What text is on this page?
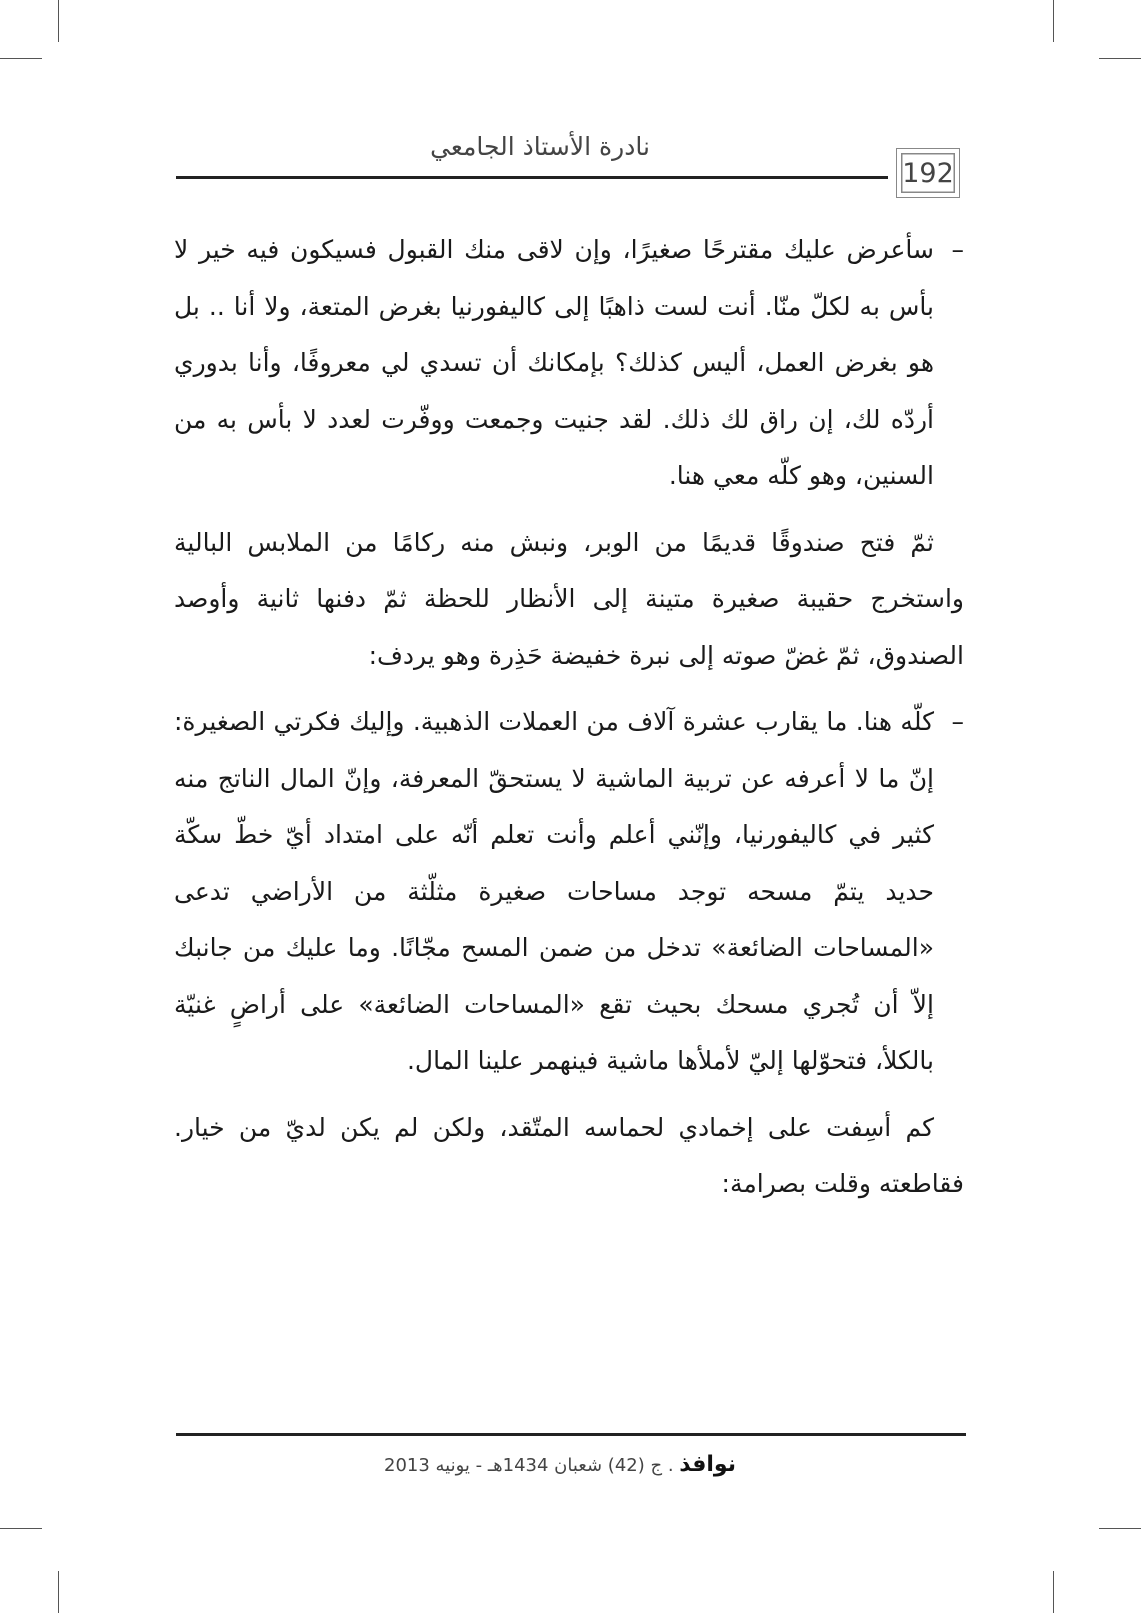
نادرة الأستاذ الجامعي
192

–سأعرض عليك مقترحًا صغيرًا، وإن لاقى منك القبول فسيكون فيه خير لا بأس به لكلّ منّا. أنت لست ذاهبًا إلى كاليفورنيا بغرض المتعة، ولا أنا .. بل هو بغرض العمل، أليس كذلك؟ بإمكانك أن تسدي لي معروفًا، وأنا بدوري أردّه لك، إن راق لك ذلك. لقد جنيت وجمعت ووفّرت لعدد لا بأس به من السنين، وهو كلّه معي هنا.

ثمّ فتح صندوقًا قديمًا من الوبر، ونبش منه ركامًا من الملابس البالية واستخرج حقيبة صغيرة متينة إلى الأنظار للحظة ثمّ دفنها ثانية وأوصد الصندوق، ثمّ غضّ صوته إلى نبرة خفيضة حَذِرة وهو يردف:

–كلّه هنا. ما يقارب عشرة آلاف من العملات الذهبية. وإليك فكرتي الصغيرة: إنّ ما لا أعرفه عن تربية الماشية لا يستحقّ المعرفة، وإنّ المال الناتج منه كثير في كاليفورنيا، وإنّني أعلم وأنت تعلم أنّه على امتداد أيّ خطّ سكّة حديد يتمّ مسحه توجد مساحات صغيرة مثلّثة من الأراضي تدعى «المساحات الضائعة» تدخل من ضمن المسح مجّانًا. وما عليك من جانبك إلاّ أن تُجري مسحك بحيث تقع «المساحات الضائعة» على أراضٍ غنيّة بالكلأ، فتحوّلها إليّ لأملأها ماشية فينهمر علينا المال.

كم أسِفت على إخمادي لحماسه المتّقد، ولكن لم يكن لديّ من خيار. فقاطعته وقلت بصرامة:

نوافذ . ج (42) شعبان 1434هـ - يونيه 2013
